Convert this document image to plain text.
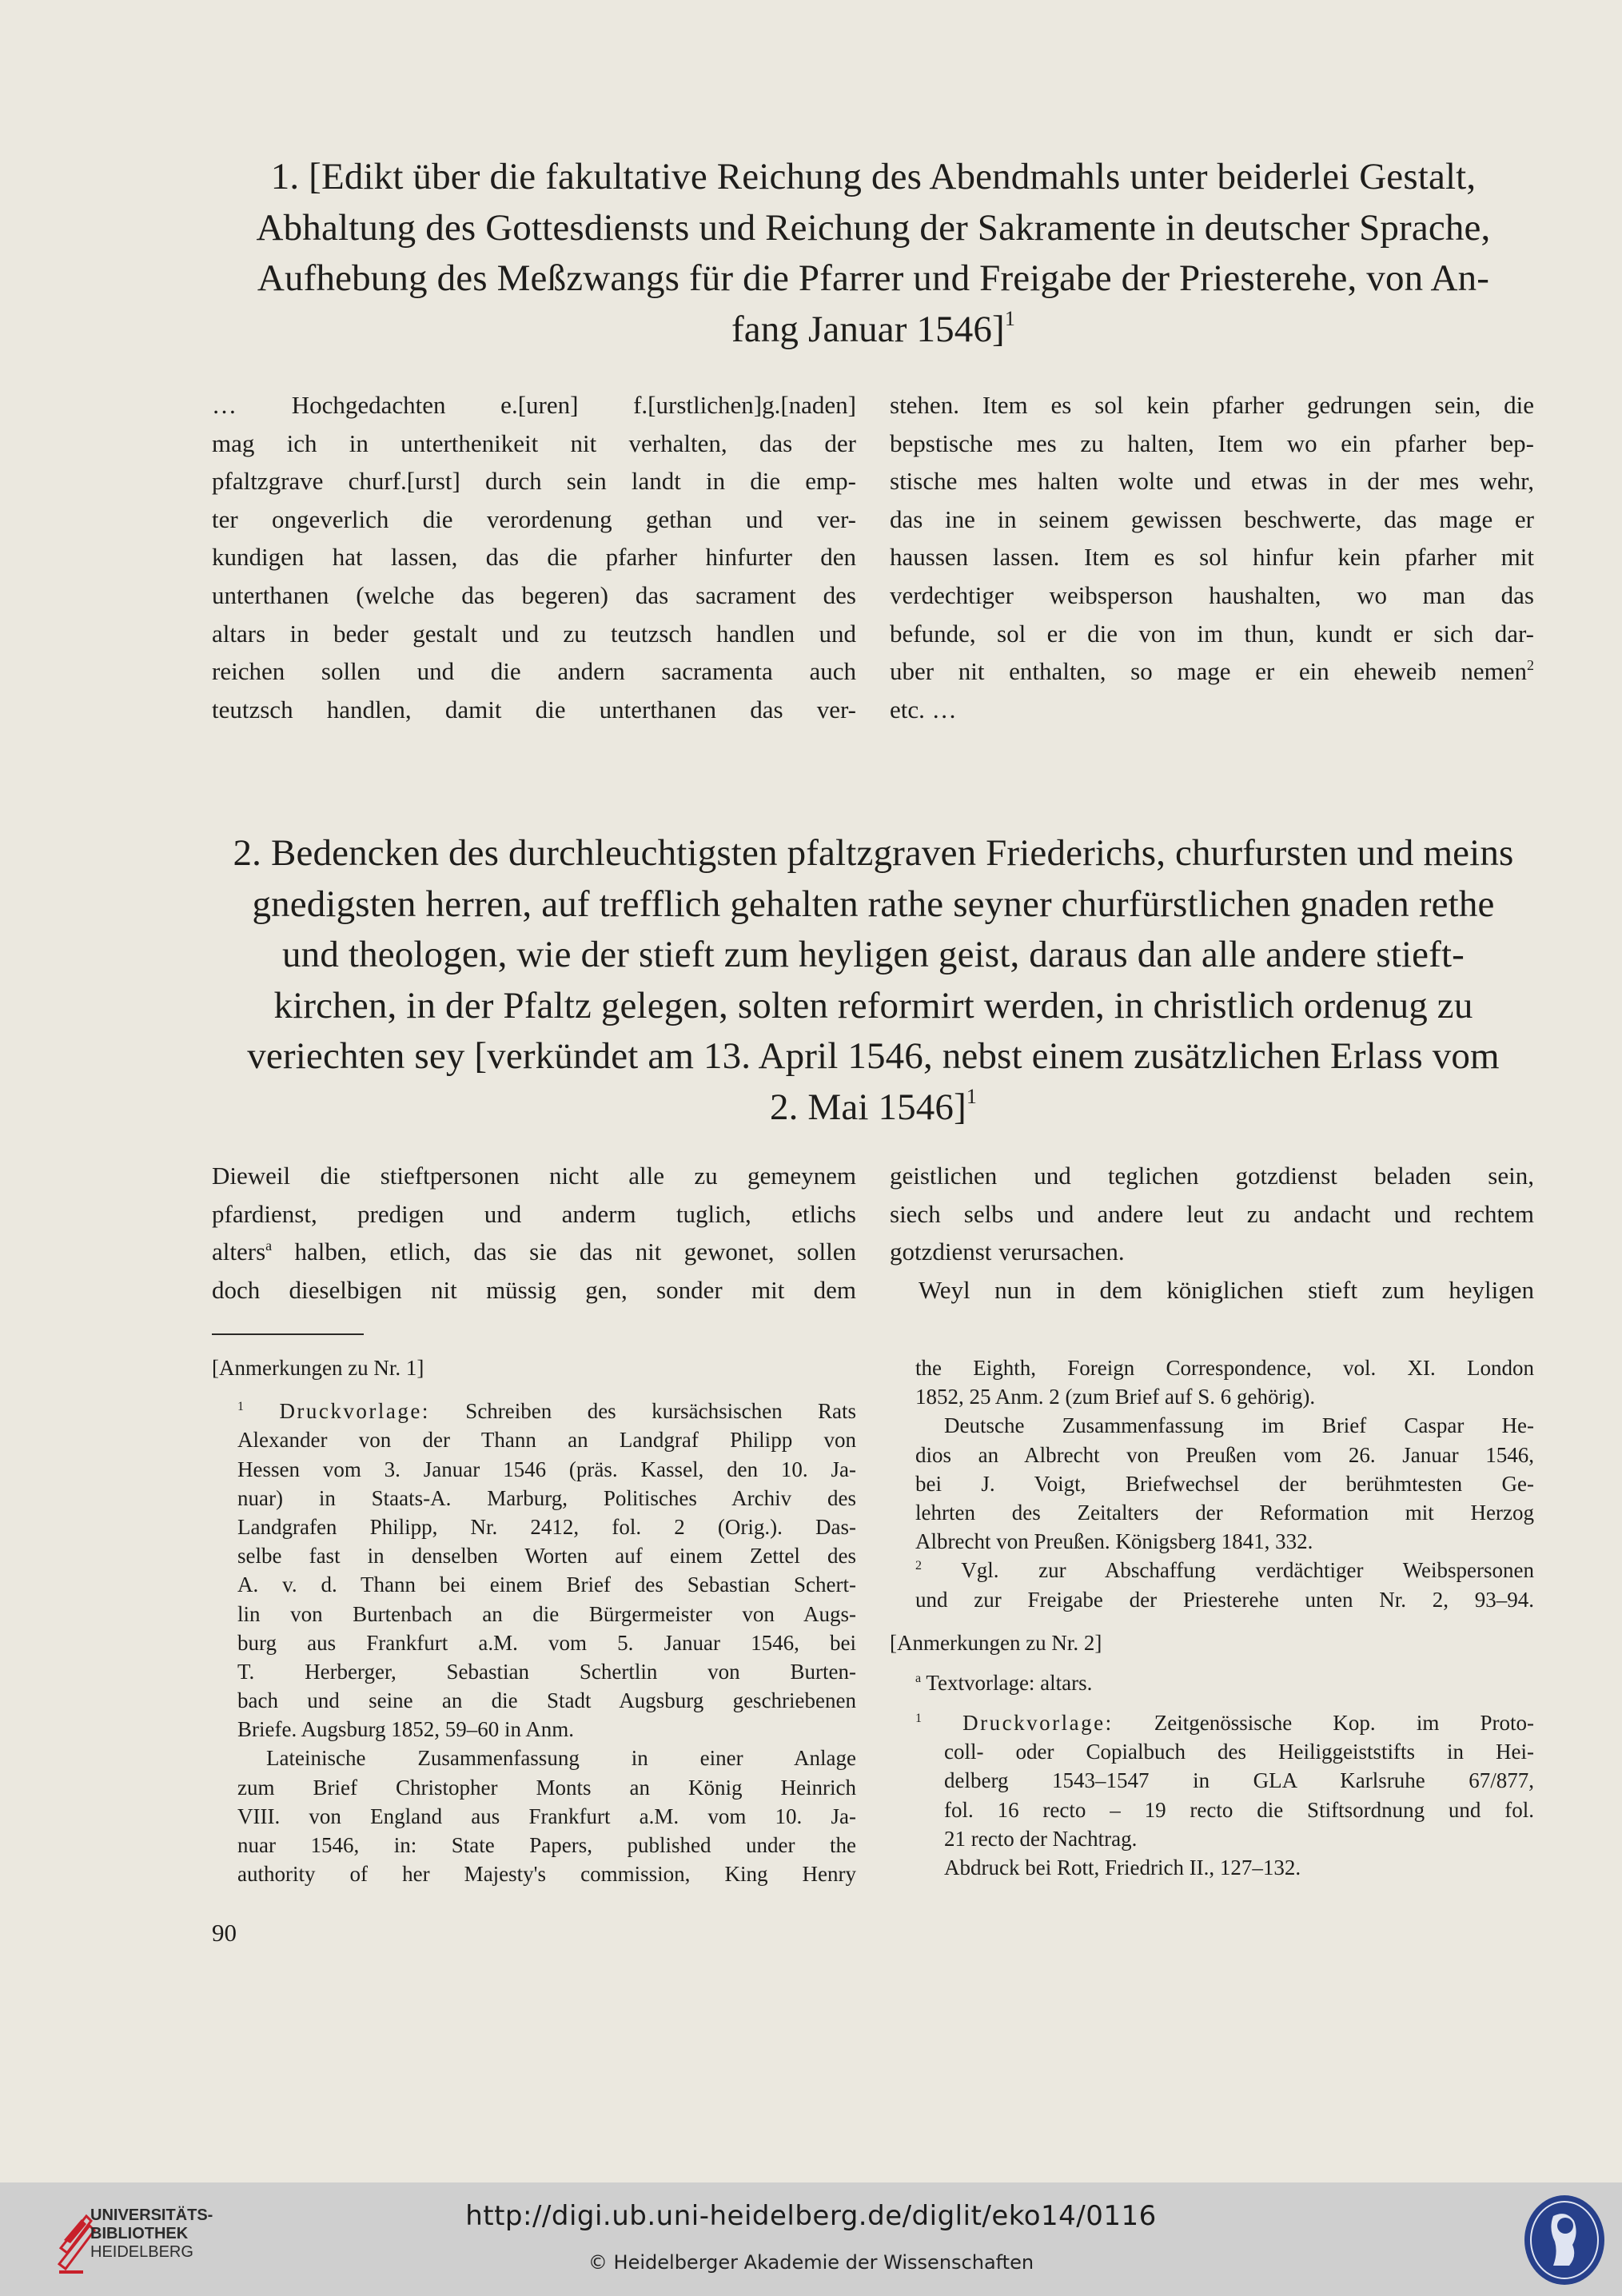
1. [Edikt über die fakultative Reichung des Abendmahls unter beiderlei Gestalt,
Abhaltung des Gottesdiensts und Reichung der Sakramente in deutscher Sprache,
Aufhebung des Meßzwangs für die Pfarrer und Freigabe der Priesterehe, von An-
fang Januar 1546]$^1$
… Hochgedachten e.[uren] f.[urstlichen]g.[naden]
mag ich in unterthenikeit nit verhalten, das der
pfaltzgrave churf.[urst] durch sein landt in die emp-
ter ongeverlich die verordenung gethan und ver-
kundigen hat lassen, das die pfarher hinfurter den
unterthanen (welche das begeren) das sacrament des
altars in beder gestalt und zu teutzsch handlen und
reichen sollen und die andern sacramenta auch
teutzsch handlen, damit die unterthanen das ver-
stehen. Item es sol kein pfarher gedrungen sein, die
bepstische mes zu halten, Item wo ein pfarher bep-
stische mes halten wolte und etwas in der mes wehr,
das ine in seinem gewissen beschwerte, das mage er
haussen lassen. Item es sol hinfur kein pfarher mit
verdechtiger weibsperson haushalten, wo man das
befunde, sol er die von im thun, kundt er sich dar-
uber nit enthalten, so mage er ein eheweib nemen$^2$
etc. …
2. Bedencken des durchleuchtigsten pfaltzgraven Friederichs, churfursten und meins
gnedigsten herren, auf trefflich gehalten rathe seyner churfürstlichen gnaden rethe
und theologen, wie der stieft zum heyligen geist, daraus dan alle andere stieft-
kirchen, in der Pfaltz gelegen, solten reformirt werden, in christlich ordenug zu
veriechten sey [verkündet am 13. April 1546, nebst einem zusätzlichen Erlass vom
2. Mai 1546]$^1$
Dieweil die stieftpersonen nicht alle zu gemeynem
pfardienst, predigen und anderm tuglich, etlichs
alters$^a$ halben, etlich, das sie das nit gewonet, sollen
doch dieselbigen nit müssig gen, sonder mit dem
geistlichen und teglichen gotzdienst beladen sein,
siech selbs und andere leut zu andacht und rechtem
gotzdienst verursachen.
Weyl nun in dem königlichen stieft zum heyligen
[Anmerkungen zu Nr. 1]
$^1$ Druckvorlage: Schreiben des kursächsischen Rats
Alexander von der Thann an Landgraf Philipp von
Hessen vom 3. Januar 1546 (präs. Kassel, den 10. Ja-
nuar) in Staats-A. Marburg, Politisches Archiv des
Landgrafen Philipp, Nr. 2412, fol. 2 (Orig.). Das-
selbe fast in denselben Worten auf einem Zettel des
A. v. d. Thann bei einem Brief des Sebastian Schert-
lin von Burtenbach an die Bürgermeister von Augs-
burg aus Frankfurt a.M. vom 5. Januar 1546, bei
T. Herberger, Sebastian Schertlin von Burten-
bach und seine an die Stadt Augsburg geschriebenen
Briefe. Augsburg 1852, 59–60 in Anm.
Lateinische Zusammenfassung in einer Anlage
zum Brief Christopher Monts an König Heinrich
VIII. von England aus Frankfurt a.M. vom 10. Ja-
nuar 1546, in: State Papers, published under the
authority of her Majesty's commission, King Henry
the Eighth, Foreign Correspondence, vol. XI. London
1852, 25 Anm. 2 (zum Brief auf S. 6 gehörig).
Deutsche Zusammenfassung im Brief Caspar He-
dios an Albrecht von Preußen vom 26. Januar 1546,
bei J. Voigt, Briefwechsel der berühmtesten Ge-
lehrten des Zeitalters der Reformation mit Herzog
Albrecht von Preußen. Königsberg 1841, 332.
$^2$ Vgl. zur Abschaffung verdächtiger Weibspersonen
und zur Freigabe der Priesterehe unten Nr. 2, 93–94.
[Anmerkungen zu Nr. 2]
$^a$ Textvorlage: altars.
$^1$ Druckvorlage: Zeitgenössische Kop. im Proto-
coll- oder Copialbuch des Heiliggeiststifts in Hei-
delberg 1543–1547 in GLA Karlsruhe 67/877,
fol. 16 recto – 19 recto die Stiftsordnung und fol.
21 recto der Nachtrag.
Abdruck bei Rott, Friedrich II., 127–132.
90
UNIVERSITÄTS-
BIBLIOTHEK
HEIDELBERG
http://digi.ub.uni-heidelberg.de/diglit/eko14/0116
© Heidelberger Akademie der Wissenschaften
